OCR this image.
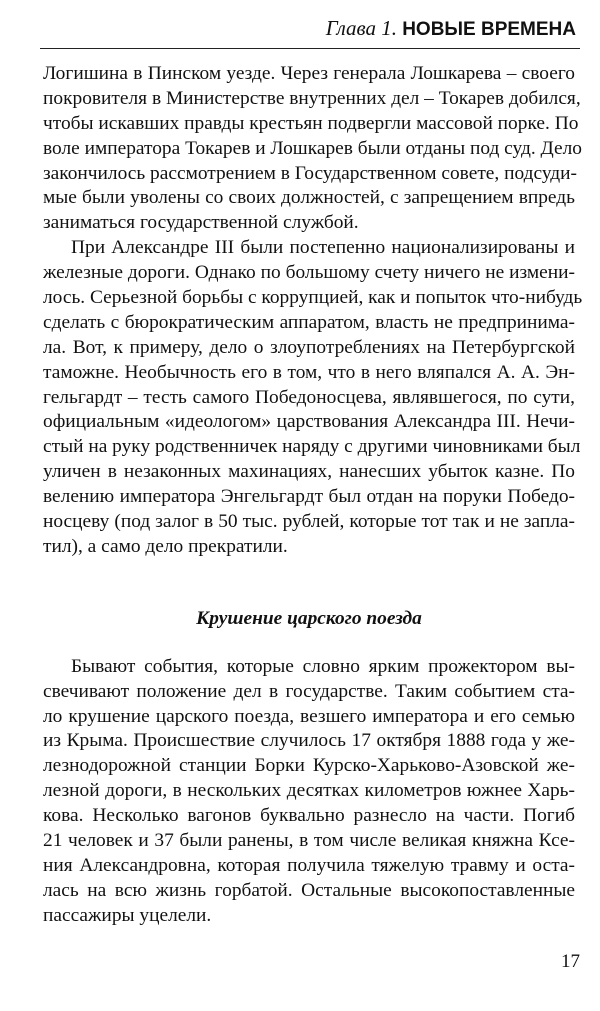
Глава 1. НОВЫЕ ВРЕМЕНА
Логишина в Пинском уезде. Через генерала Лошкарева – своего
покровителя в Министерстве внутренних дел – Токарев добился,
чтобы искавших правды крестьян подвергли массовой порке. По
воле императора Токарев и Лошкарев были отданы под суд. Дело
закончилось рассмотрением в Государственном совете, подсуди-
мые были уволены со своих должностей, с запрещением впредь
заниматься государственной службой.
При Александре III были постепенно национализированы и
железные дороги. Однако по большому счету ничего не измени-
лось. Серьезной борьбы с коррупцией, как и попыток что-нибудь
сделать с бюрократическим аппаратом, власть не предпринима-
ла. Вот, к примеру, дело о злоупотреблениях на Петербургской
таможне. Необычность его в том, что в него вляпался А. А. Эн-
гельгардт – тесть самого Победоносцева, являвшегося, по сути,
официальным «идеологом» царствования Александра III. Нечи-
стый на руку родственничек наряду с другими чиновниками был
уличен в незаконных махинациях, нанесших убыток казне. По
велению императора Энгельгардт был отдан на поруки Победо-
носцеву (под залог в 50 тыс. рублей, которые тот так и не запла-
тил), а само дело прекратили.
Крушение царского поезда
Бывают события, которые словно ярким прожектором вы-
свечивают положение дел в государстве. Таким событием ста-
ло крушение царского поезда, везшего императора и его семью
из Крыма. Происшествие случилось 17 октября 1888 года у же-
лезнодорожной станции Борки Курско-Харьково-Азовской же-
лезной дороги, в нескольких десятках километров южнее Харь-
кова. Несколько вагонов буквально разнесло на части. Погиб
21 человек и 37 были ранены, в том числе великая княжна Ксе-
ния Александровна, которая получила тяжелую травму и оста-
лась на всю жизнь горбатой. Остальные высокопоставленные
пассажиры уцелели.
17
